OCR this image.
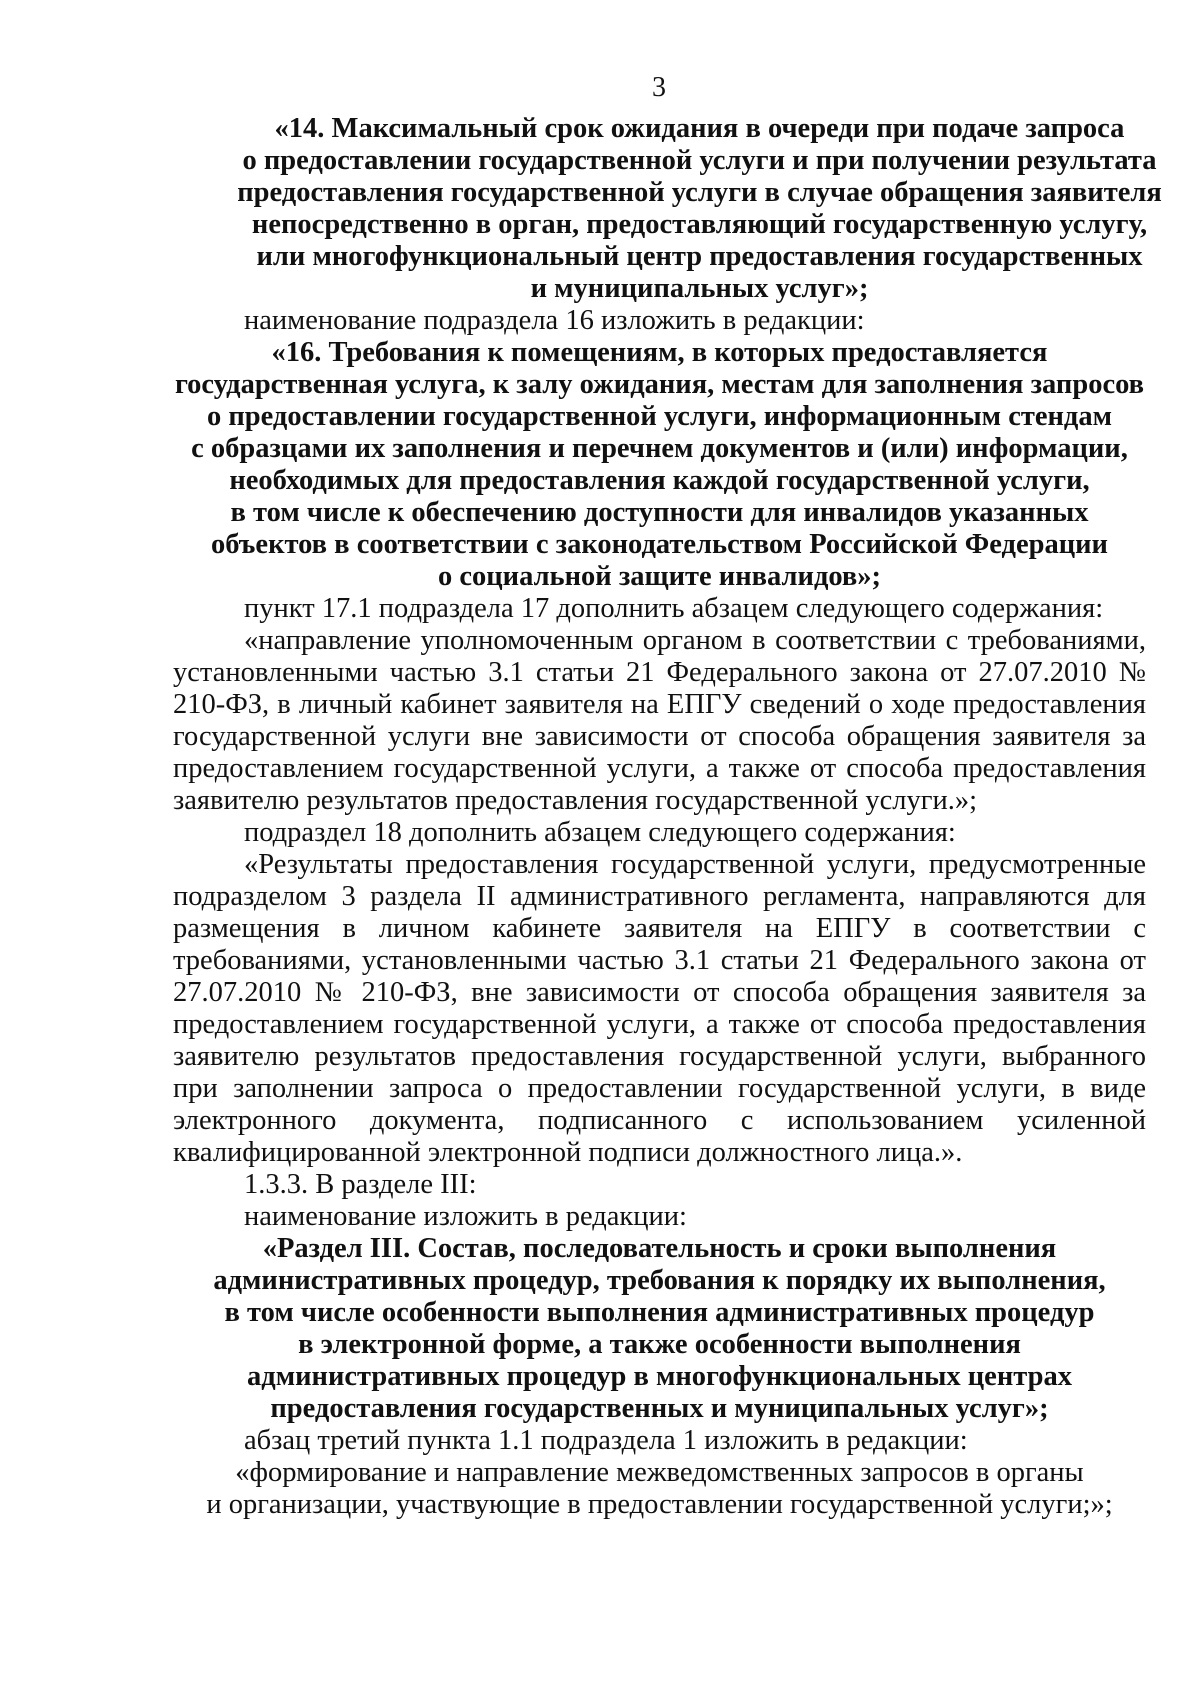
3
«14. Максимальный срок ожидания в очереди при подаче запроса
о предоставлении государственной услуги и при получении результата
предоставления государственной услуги в случае обращения заявителя
непосредственно в орган, предоставляющий государственную услугу,
или многофункциональный центр предоставления государственных
и муниципальных услуг»;

наименование подраздела 16 изложить в редакции:

«16. Требования к помещениям, в которых предоставляется
государственная услуга, к залу ожидания, местам для заполнения запросов
о предоставлении государственной услуги, информационным стендам
с образцами их заполнения и перечнем документов и (или) информации,
необходимых для предоставления каждой государственной услуги,
в том числе к обеспечению доступности для инвалидов указанных
объектов в соответствии с законодательством Российской Федерации
о социальной защите инвалидов»;

пункт 17.1 подраздела 17 дополнить абзацем следующего содержания:

«направление уполномоченным органом в соответствии с требованиями, установленными частью 3.1 статьи 21 Федерального закона от 27.07.2010 № 210-ФЗ, в личный кабинет заявителя на ЕПГУ сведений о ходе предоставления государственной услуги вне зависимости от способа обращения заявителя за предоставлением государственной услуги, а также от способа предоставления заявителю результатов предоставления государственной услуги.»;

подраздел 18 дополнить абзацем следующего содержания:

«Результаты предоставления государственной услуги, предусмотренные подразделом 3 раздела II административного регламента, направляются для размещения в личном кабинете заявителя на ЕПГУ в соответствии с требованиями, установленными частью 3.1 статьи 21 Федерального закона от 27.07.2010 № 210-ФЗ, вне зависимости от способа обращения заявителя за предоставлением государственной услуги, а также от способа предоставления заявителю результатов предоставления государственной услуги, выбранного при заполнении запроса о предоставлении государственной услуги, в виде электронного документа, подписанного с использованием усиленной квалифицированной электронной подписи должностного лица.».

1.3.3. В разделе III:

наименование изложить в редакции:

«Раздел III. Состав, последовательность и сроки выполнения
административных процедур, требования к порядку их выполнения,
в том числе особенности выполнения административных процедур
в электронной форме, а также особенности выполнения
административных процедур в многофункциональных центрах
предоставления государственных и муниципальных услуг»;

абзац третий пункта 1.1 подраздела 1 изложить в редакции:

«формирование и направление межведомственных запросов в органы
и организации, участвующие в предоставлении государственной услуги;»;
